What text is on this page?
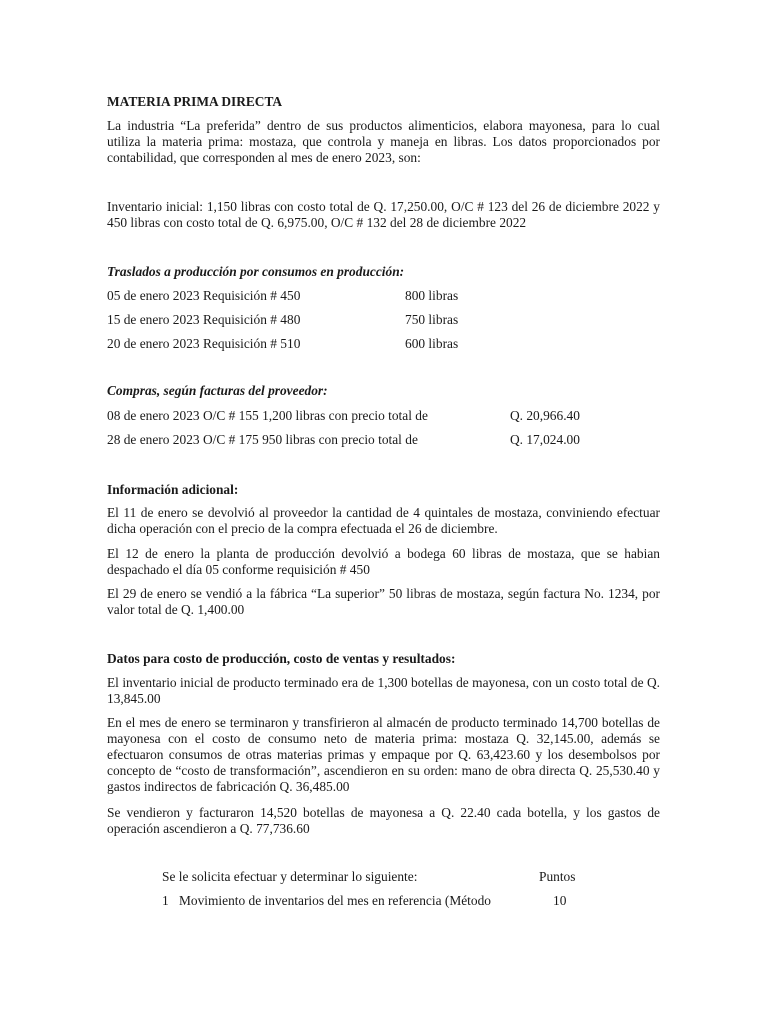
MATERIA PRIMA DIRECTA
La industria “La preferida” dentro de sus productos alimenticios, elabora mayonesa, para lo cual utiliza la materia prima: mostaza, que controla y maneja en libras. Los datos proporcionados por contabilidad, que corresponden al mes de enero 2023, son:
Inventario inicial: 1,150 libras con costo total de Q. 17,250.00, O/C # 123 del 26 de diciembre 2022 y 450 libras con costo total de Q. 6,975.00, O/C # 132 del 28 de diciembre 2022
Traslados a producción por consumos en producción:
05 de enero 2023 Requisición # 450	800 libras
15 de enero 2023 Requisición # 480	750 libras
20 de enero 2023 Requisición # 510	600 libras
Compras, según facturas del proveedor:
08 de enero 2023 O/C # 155 1,200 libras con precio total de	Q. 20,966.40
28 de enero 2023 O/C # 175 950 libras con precio total de	Q. 17,024.00
Información adicional:
El 11 de enero se devolvió al proveedor la cantidad de 4 quintales de mostaza, conviniendo efectuar dicha operación con el precio de la compra efectuada el 26 de diciembre.
El 12 de enero la planta de producción devolvió a bodega 60 libras de mostaza, que se habian despachado el día 05 conforme requisición # 450
El 29 de enero se vendió a la fábrica “La superior” 50 libras de mostaza, según factura No. 1234, por valor total de Q. 1,400.00
Datos para costo de producción, costo de ventas y resultados:
El inventario inicial de producto terminado era de 1,300 botellas de mayonesa, con un costo total de Q. 13,845.00
En el mes de enero se terminaron y transfirieron al almacén de producto terminado 14,700 botellas de mayonesa con el costo de consumo neto de materia prima: mostaza Q. 32,145.00, además se efectuaron consumos de otras materias primas y empaque por Q. 63,423.60 y los desembolsos por concepto de “costo de transformación”, ascendieron en su orden: mano de obra directa Q. 25,530.40 y gastos indirectos de fabricación Q. 36,485.00
Se vendieron y facturaron 14,520 botellas de mayonesa a Q. 22.40 cada botella, y los gastos de operación ascendieron a Q. 77,736.60
Se le solicita efectuar y determinar lo siguiente:	Puntos
1 Movimiento de inventarios del mes en referencia (Método	10
